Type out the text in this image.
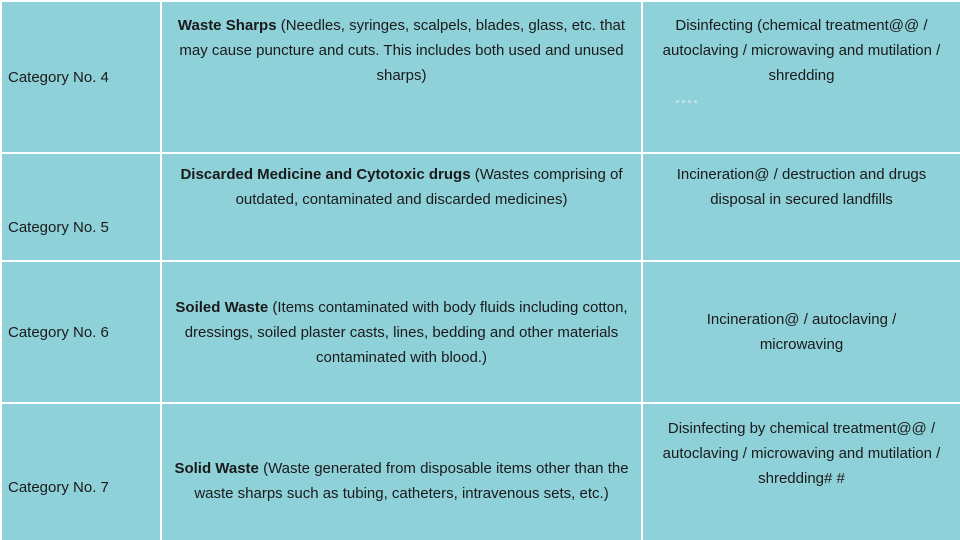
Category No. 4	Waste Sharps (Needles, syringes, scalpels, blades, glass, etc. that may cause puncture and cuts. This includes both used and unused sharps)	Disinfecting (chemical treatment@@ / autoclaving / microwaving and mutilation / shredding
....

Category No. 5	Discarded Medicine and Cytotoxic drugs (Wastes comprising of outdated, contaminated and discarded medicines)	Incineration@ / destruction and drugs disposal in secured landfills
Category No. 6	Soiled Waste (Items contaminated with body fluids including cotton, dressings, soiled plaster casts, lines, bedding and other materials contaminated with blood.)	Incineration@ / autoclaving / microwaving
Category No. 7	Solid Waste (Waste generated from disposable items other than the waste sharps such as tubing, catheters, intravenous sets, etc.)	Disinfecting by chemical treatment@@ / autoclaving / microwaving and mutilation / shredding# #
